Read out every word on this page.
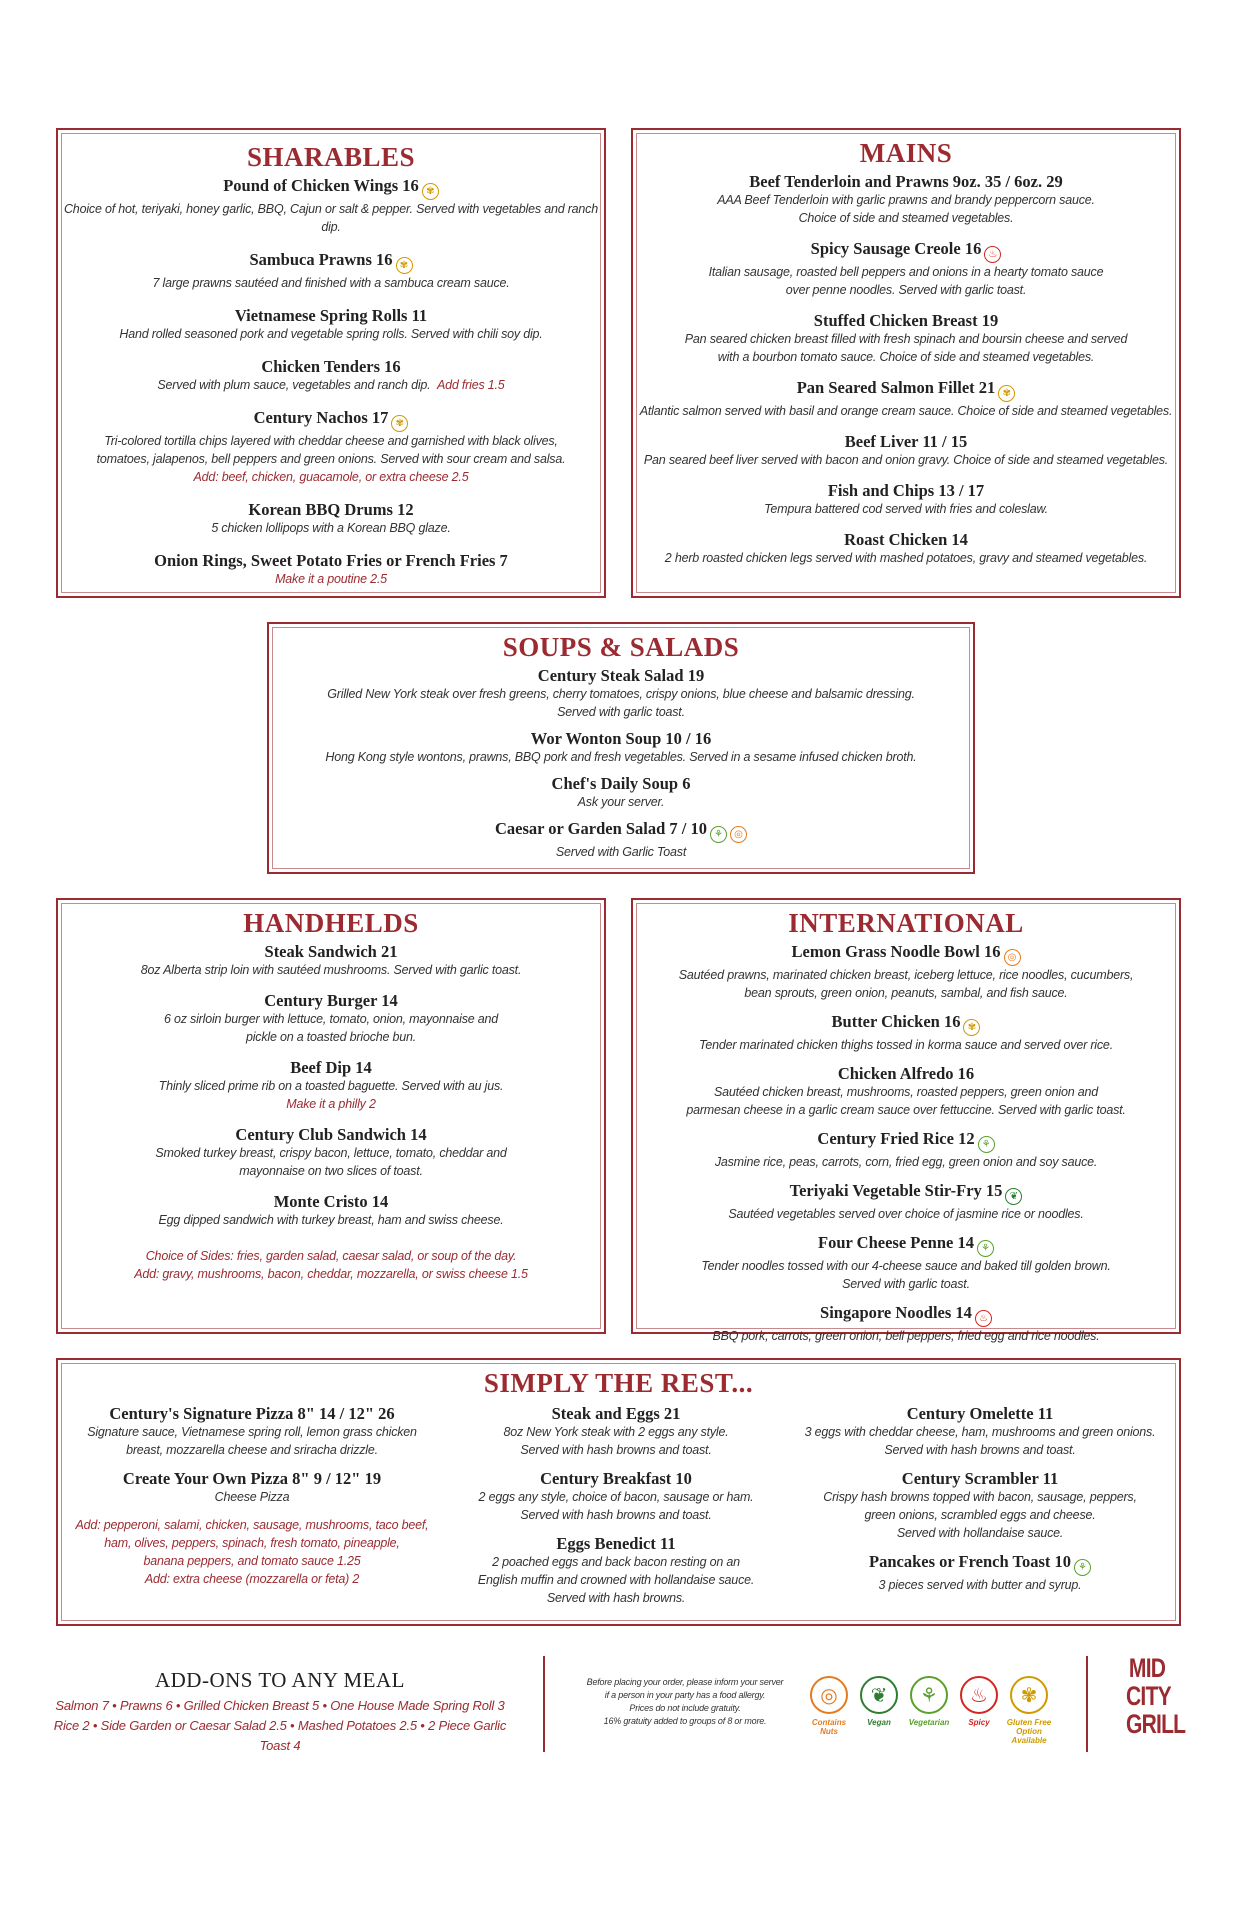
SHARABLES
Pound of Chicken Wings 16 ✾
Choice of hot, teriyaki, honey garlic, BBQ, Cajun or salt & pepper. Served with vegetables and ranch dip.
Sambuca Prawns 16 ✾
7 large prawns sautéed and finished with a sambuca cream sauce.
Vietnamese Spring Rolls 11
Hand rolled seasoned pork and vegetable spring rolls. Served with chili soy dip.
Chicken Tenders 16
Served with plum sauce, vegetables and ranch dip. Add fries 1.5
Century Nachos 17 ✾
Tri-colored tortilla chips layered with cheddar cheese and garnished with black olives,
tomatoes, jalapenos, bell peppers and green onions. Served with sour cream and salsa.
Add: beef, chicken, guacamole, or extra cheese 2.5
Korean BBQ Drums 12
5 chicken lollipops with a Korean BBQ glaze.
Onion Rings, Sweet Potato Fries or French Fries 7
Make it a poutine 2.5
MAINS
Beef Tenderloin and Prawns 9oz. 35 / 6oz. 29
AAA Beef Tenderloin with garlic prawns and brandy peppercorn sauce.
Choice of side and steamed vegetables.
Spicy Sausage Creole 16 ♨
Italian sausage, roasted bell peppers and onions in a hearty tomato sauce
over penne noodles. Served with garlic toast.
Stuffed Chicken Breast 19
Pan seared chicken breast filled with fresh spinach and boursin cheese and served
with a bourbon tomato sauce. Choice of side and steamed vegetables.
Pan Seared Salmon Fillet 21 ✾
Atlantic salmon served with basil and orange cream sauce. Choice of side and steamed vegetables.
Beef Liver 11 / 15
Pan seared beef liver served with bacon and onion gravy. Choice of side and steamed vegetables.
Fish and Chips 13 / 17
Tempura battered cod served with fries and coleslaw.
Roast Chicken 14
2 herb roasted chicken legs served with mashed potatoes, gravy and steamed vegetables.
SOUPS & SALADS
Century Steak Salad 19
Grilled New York steak over fresh greens, cherry tomatoes, crispy onions, blue cheese and balsamic dressing.
Served with garlic toast.
Wor Wonton Soup 10 / 16
Hong Kong style wontons, prawns, BBQ pork and fresh vegetables. Served in a sesame infused chicken broth.
Chef's Daily Soup 6
Ask your server.
Caesar or Garden Salad 7 / 10 ⚘ ◎
Served with Garlic Toast
HANDHELDS
Steak Sandwich 21
8oz Alberta strip loin with sautéed mushrooms. Served with garlic toast.
Century Burger 14
6 oz sirloin burger with lettuce, tomato, onion, mayonnaise and
pickle on a toasted brioche bun.
Beef Dip 14
Thinly sliced prime rib on a toasted baguette. Served with au jus.
Make it a philly 2
Century Club Sandwich 14
Smoked turkey breast, crispy bacon, lettuce, tomato, cheddar and
mayonnaise on two slices of toast.
Monte Cristo 14
Egg dipped sandwich with turkey breast, ham and swiss cheese.
Choice of Sides: fries, garden salad, caesar salad, or soup of the day.
Add: gravy, mushrooms, bacon, cheddar, mozzarella, or swiss cheese 1.5
INTERNATIONAL
Lemon Grass Noodle Bowl 16 ◎
Sautéed prawns, marinated chicken breast, iceberg lettuce, rice noodles, cucumbers,
bean sprouts, green onion, peanuts, sambal, and fish sauce.
Butter Chicken 16 ✾
Tender marinated chicken thighs tossed in korma sauce and served over rice.
Chicken Alfredo 16
Sautéed chicken breast, mushrooms, roasted peppers, green onion and
parmesan cheese in a garlic cream sauce over fettuccine. Served with garlic toast.
Century Fried Rice 12 ⚘
Jasmine rice, peas, carrots, corn, fried egg, green onion and soy sauce.
Teriyaki Vegetable Stir-Fry 15 ❦
Sautéed vegetables served over choice of jasmine rice or noodles.
Four Cheese Penne 14 ⚘
Tender noodles tossed with our 4-cheese sauce and baked till golden brown.
Served with garlic toast.
Singapore Noodles 14 ♨
BBQ pork, carrots, green onion, bell peppers, fried egg and rice noodles.
SIMPLY THE REST...
Century's Signature Pizza 8" 14 / 12" 26
Signature sauce, Vietnamese spring roll, lemon grass chicken
breast, mozzarella cheese and sriracha drizzle.
Create Your Own Pizza 8" 9 / 12" 19
Cheese Pizza
Add: pepperoni, salami, chicken, sausage, mushrooms, taco beef,
ham, olives, peppers, spinach, fresh tomato, pineapple,
banana peppers, and tomato sauce 1.25
Add: extra cheese (mozzarella or feta) 2
Steak and Eggs 21
8oz New York steak with 2 eggs any style.
Served with hash browns and toast.
Century Breakfast 10
2 eggs any style, choice of bacon, sausage or ham.
Served with hash browns and toast.
Eggs Benedict 11
2 poached eggs and back bacon resting on an
English muffin and crowned with hollandaise sauce.
Served with hash browns.
Century Omelette 11
3 eggs with cheddar cheese, ham, mushrooms and green onions.
Served with hash browns and toast.
Century Scrambler 11
Crispy hash browns topped with bacon, sausage, peppers,
green onions, scrambled eggs and cheese.
Served with hollandaise sauce.
Pancakes or French Toast 10 ⚘
3 pieces served with butter and syrup.
ADD-ONS TO ANY MEAL
Salmon 7 • Prawns 6 • Grilled Chicken Breast 5 • One House Made Spring Roll 3
Rice 2 • Side Garden or Caesar Salad 2.5 • Mashed Potatoes 2.5 • 2 Piece Garlic Toast 4
Before placing your order, please inform your server
if a person in your party has a food allergy.
Prices do not include gratuity.
16% gratuity added to groups of 8 or more.
◎
Contains
Nuts
❦
Vegan
⚘
Vegetarian
♨
Spicy
✾
Gluten Free
Option
Available
MID
CITY
GRILL
